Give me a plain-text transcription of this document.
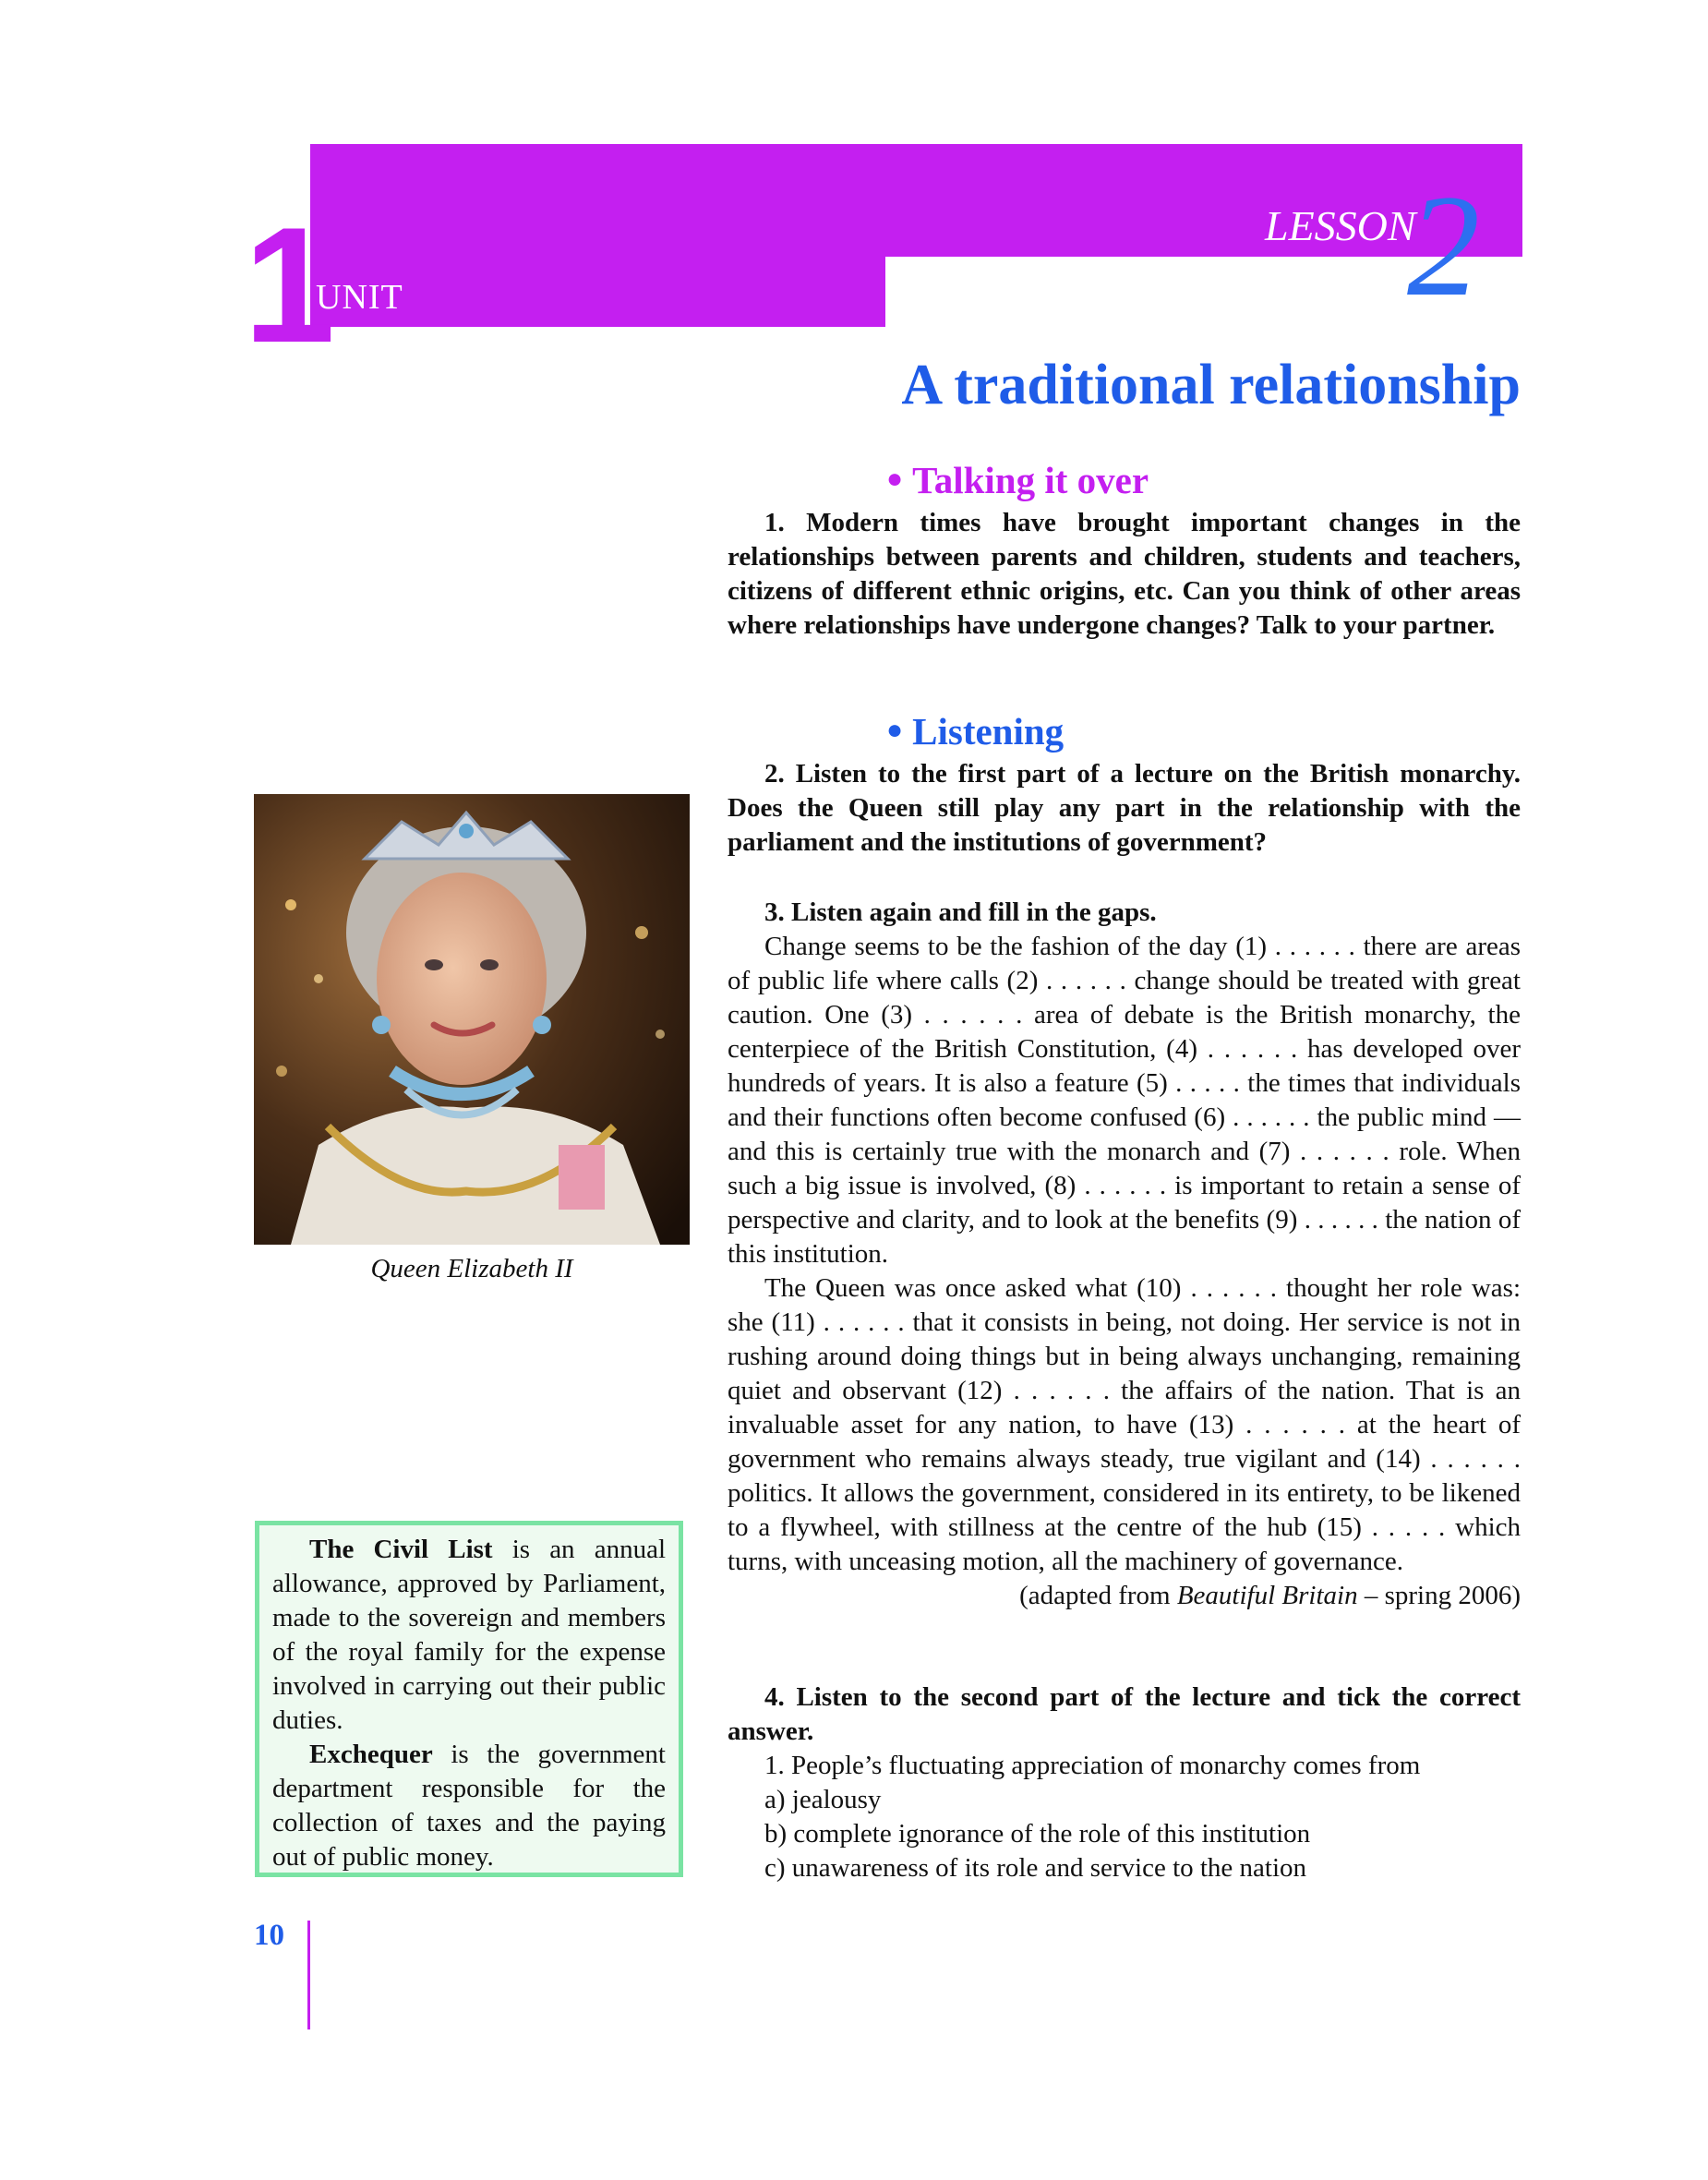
1
UNIT
LESSON
2
A traditional relationship
● Talking it over

1. Modern times have brought important changes in the relationships between parents and children, students and teachers, citizens of different ethnic origins, etc. Can you think of other areas where relationships have undergone changes? Talk to your partner.

● Listening

2. Listen to the first part of a lecture on the British monarchy. Does the Queen still play any part in the relationship with the parliament and the institutions of government?

3. Listen again and fill in the gaps.

Change seems to be the fashion of the day (1) . . . . . . there are areas of public life where calls (2) . . . . . . change should be treated with great caution. One (3) . . . . . . area of debate is the British monarchy, the centerpiece of the British Constitution, (4) . . . . . . has developed over hundreds of years. It is also a feature (5) . . . . . the times that individuals and their functions often become confused (6) . . . . . . the public mind — and this is certainly true with the monarch and (7) . . . . . . role. When such a big issue is involved, (8) . . . . . . is important to retain a sense of perspective and clarity, and to look at the benefits (9) . . . . . . the nation of this institution.

The Queen was once asked what (10) . . . . . . thought her role was: she (11) . . . . . . that it consists in being, not doing. Her service is not in rushing around doing things but in being always unchanging, remaining quiet and observant (12) . . . . . . the affairs of the nation. That is an invaluable asset for any nation, to have (13) . . . . . . at the heart of government who remains always steady, true vigilant and (14) . . . . . . politics. It allows the government, considered in its entirety, to be likened to a flywheel, with stillness at the centre of the hub (15) . . . . . which turns, with unceasing motion, all the machinery of governance.

(adapted from Beautiful Britain – spring 2006)

4. Listen to the second part of the lecture and tick the correct answer.

1. People’s fluctuating appreciation of monarchy comes from

a) jealousy

b) complete ignorance of the role of this institution

c) unawareness of its role and service to the nation

Queen Elizabeth II

The Civil List is an annual allowance, approved by Parliament, made to the sovereign and members of the royal family for the expense involved in carrying out their public duties.

Exchequer is the government department responsible for the collection of taxes and the paying out of public money.

10
